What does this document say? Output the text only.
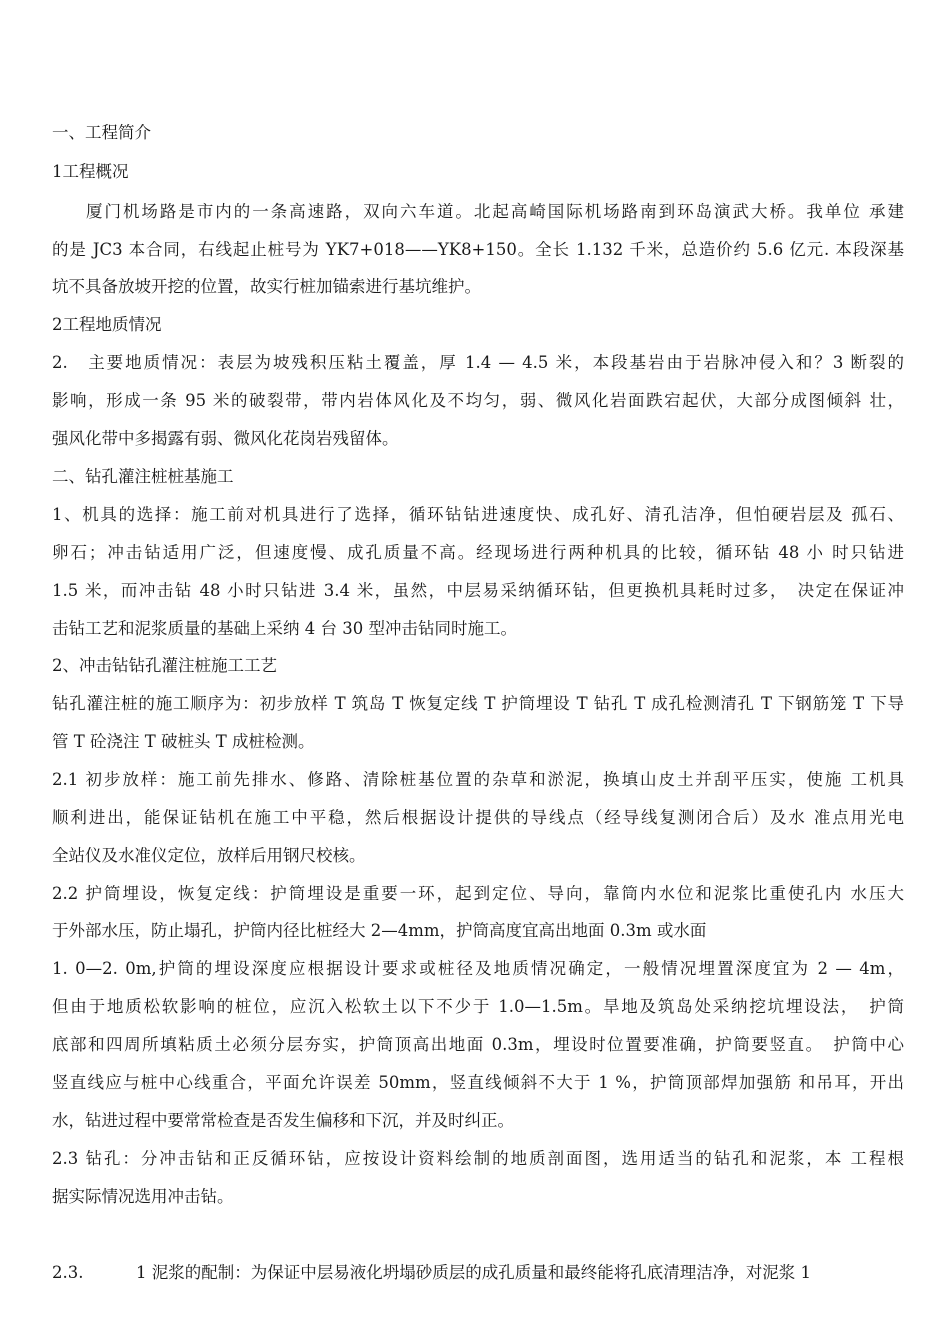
一、工程简介
1工程概况
厦门机场路是市内的一条高速路，双向六车道。北起高崎国际机场路南到环岛演武大桥。我单位 承建
的是 JC3 本合同，右线起止桩号为 YK7+018——YK8+150。全长 1.132 千米，总造价约 5.6 亿元. 本段深基
坑不具备放坡开挖的位置，故实行桩加锚索进行基坑维护。
2工程地质情况
2.　主要地质情况：表层为坡残积压粘土覆盖，厚 1.4 — 4.5 米，本段基岩由于岩脉冲侵入和？3 断裂的
影响，形成一条 95 米的破裂带，带内岩体风化及不均匀，弱、微风化岩面跌宕起伏，大部分成图倾斜 壮，
强风化带中多揭露有弱、微风化花岗岩残留体。
二、钻孔灌注桩桩基施工
1、机具的选择：施工前对机具进行了选择，循环钻钻进速度快、成孔好、清孔洁净，但怕硬岩层及 孤石、
卵石；冲击钻适用广泛，但速度慢、成孔质量不高。经现场进行两种机具的比较，循环钻 48 小 时只钻进
1.5 米，而冲击钻 48 小时只钻进 3.4 米，虽然，中层易采纳循环钻，但更换机具耗时过多，　决定在保证冲
击钻工艺和泥浆质量的基础上采纳 4 台 30 型冲击钻同时施工。
2、冲击钻钻孔灌注桩施工工艺
钻孔灌注桩的施工顺序为：初步放样 T 筑岛 T 恢复定线 T 护筒埋设 T 钻孔 T 成孔检测清孔 T 下钢筋笼 T 下导
管 T 砼浇注 T 破桩头 T 成桩检测。
2.1 初步放样：施工前先排水、修路、清除桩基位置的杂草和淤泥，换填山皮土并刮平压实，使施 工机具
顺利进出，能保证钻机在施工中平稳，然后根据设计提供的导线点（经导线复测闭合后）及水 准点用光电
全站仪及水准仪定位，放样后用钢尺校核。
2.2 护筒埋设，恢复定线：护筒埋设是重要一环，起到定位、导向，靠筒内水位和泥浆比重使孔内 水压大
于外部水压，防止塌孔，护筒内径比桩经大 2—4mm，护筒高度宜高出地面 0.3m 或水面
1. 0—2. 0m,护筒的埋设深度应根据设计要求或桩径及地质情况确定，一般情况埋置深度宜为 2 — 4m，
但由于地质松软影响的桩位，应沉入松软土以下不少于 1.0—1.5m。旱地及筑岛处采纳挖坑埋设法，　护筒
底部和四周所填粘质土必须分层夯实，护筒顶高出地面 0.3m，埋设时位置要准确，护筒要竖直。　护筒中心
竖直线应与桩中心线重合，平面允许误差 50mm，竖直线倾斜不大于 1 %，护筒顶部焊加强筋 和吊耳，开出
水，钻进过程中要常常检查是否发生偏移和下沉，并及时纠正。
2.3 钻孔：分冲击钻和正反循环钻，应按设计资料绘制的地质剖面图，选用适当的钻孔和泥浆，本 工程根
据实际情况选用冲击钻。
2.3.	1 泥浆的配制：为保证中层易液化坍塌砂质层的成孔质量和最终能将孔底清理洁净，对泥浆 1
